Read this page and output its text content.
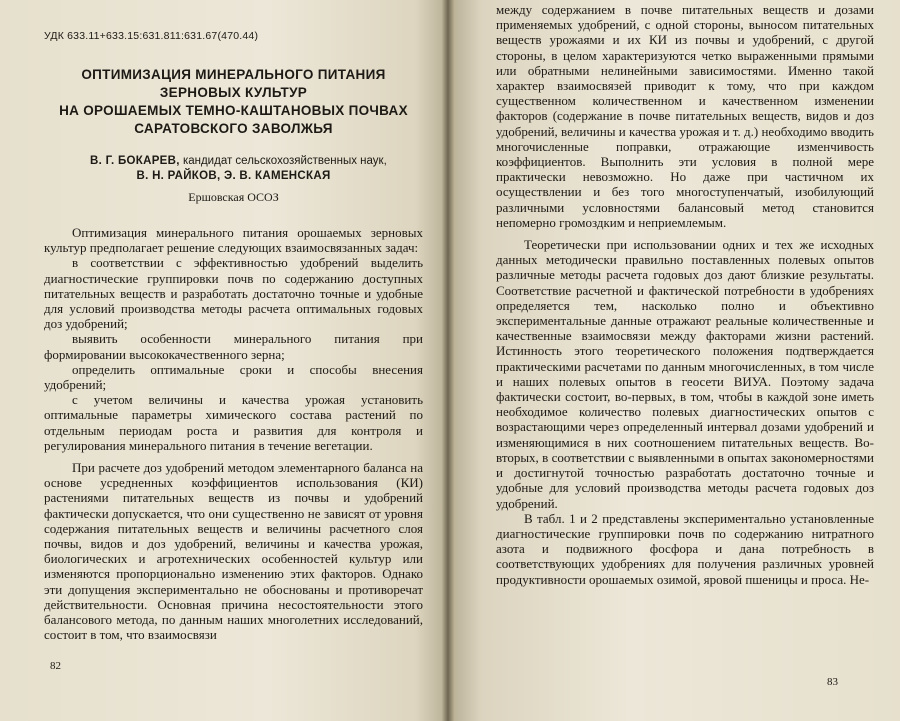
УДК 633.11+633.15:631.811:631.67(470.44)
ОПТИМИЗАЦИЯ МИНЕРАЛЬНОГО ПИТАНИЯ
ЗЕРНОВЫХ КУЛЬТУР
НА ОРОШАЕМЫХ ТЕМНО-КАШТАНОВЫХ ПОЧВАХ
САРАТОВСКОГО ЗАВОЛЖЬЯ
В. Г. БОКАРЕВ, кандидат сельскохозяйственных наук,
В. Н. РАЙКОВ, Э. В. КАМЕНСКАЯ
Ершовская ОСОЗ

Оптимизация минерального питания орошаемых зерновых культур предполагает решение следующих взаимосвязанных задач:

в соответствии с эффективностью удобрений выделить диагностические группировки почв по содержанию доступных питательных веществ и разработать достаточно точные и удобные для условий производства методы расчета оптимальных годовых доз удобрений;

выявить особенности минерального питания при формировании высококачественного зерна;

определить оптимальные сроки и способы внесения удобрений;

с учетом величины и качества урожая установить оптимальные параметры химического состава растений по отдельным периодам роста и развития для контроля и регулирования минерального питания в течение вегетации.

При расчете доз удобрений методом элементарного баланса на основе усредненных коэффициентов использования (КИ) растениями питательных веществ из почвы и удобрений фактически допускается, что они существенно не зависят от уровня содержания питательных веществ и величины расчетного слоя почвы, видов и доз удобрений, величины и качества урожая, биологических и агротехнических особенностей культур или изменяются пропорционально изменению этих факторов. Однако эти допущения экспериментально не обоснованы и противоречат действительности. Основная причина несостоятельности этого балансового метода, по данным наших многолетних исследований, состоит в том, что взаимосвязи

82

между содержанием в почве питательных веществ и дозами применяемых удобрений, с одной стороны, выносом питательных веществ урожаями и их КИ из почвы и удобрений, с другой стороны, в целом характеризуются четко выраженными прямыми или обратными нелинейными зависимостями. Именно такой характер взаимосвязей приводит к тому, что при каждом существенном количественном и качественном изменении факторов (содержание в почве питательных веществ, видов и доз удобрений, величины и качества урожая и т. д.) необходимо вводить многочисленные поправки, отражающие изменчивость коэффициентов. Выполнить эти условия в полной мере практически невозможно. Но даже при частичном их осуществлении и без того многоступенчатый, изобилующий различными условностями балансовый метод становится непомерно громоздким и неприемлемым.

Теоретически при использовании одних и тех же исходных данных методически правильно поставленных полевых опытов различные методы расчета годовых доз дают близкие результаты. Соответствие расчетной и фактической потребности в удобрениях определяется тем, насколько полно и объективно экспериментальные данные отражают реальные количественные и качественные взаимосвязи между факторами жизни растений. Истинность этого теоретического положения подтверждается практическими расчетами по данным многочисленных, в том числе и наших полевых опытов в геосети ВИУА. Поэтому задача фактически состоит, во-первых, в том, чтобы в каждой зоне иметь необходимое количество полевых диагностических опытов с возрастающими через определенный интервал дозами удобрений и изменяющимися в них соотношением питательных веществ. Во-вторых, в соответствии с выявленными в опытах закономерностями и достигнутой точностью разработать достаточно точные и удобные для условий производства методы расчета годовых доз удобрений.

В табл. 1 и 2 представлены экспериментально установленные диагностические группировки почв по содержанию нитратного азота и подвижного фосфора и дана потребность в соответствующих удобрениях для получения различных уровней продуктивности орошаемых озимой, яровой пшеницы и проса. Не-

83
